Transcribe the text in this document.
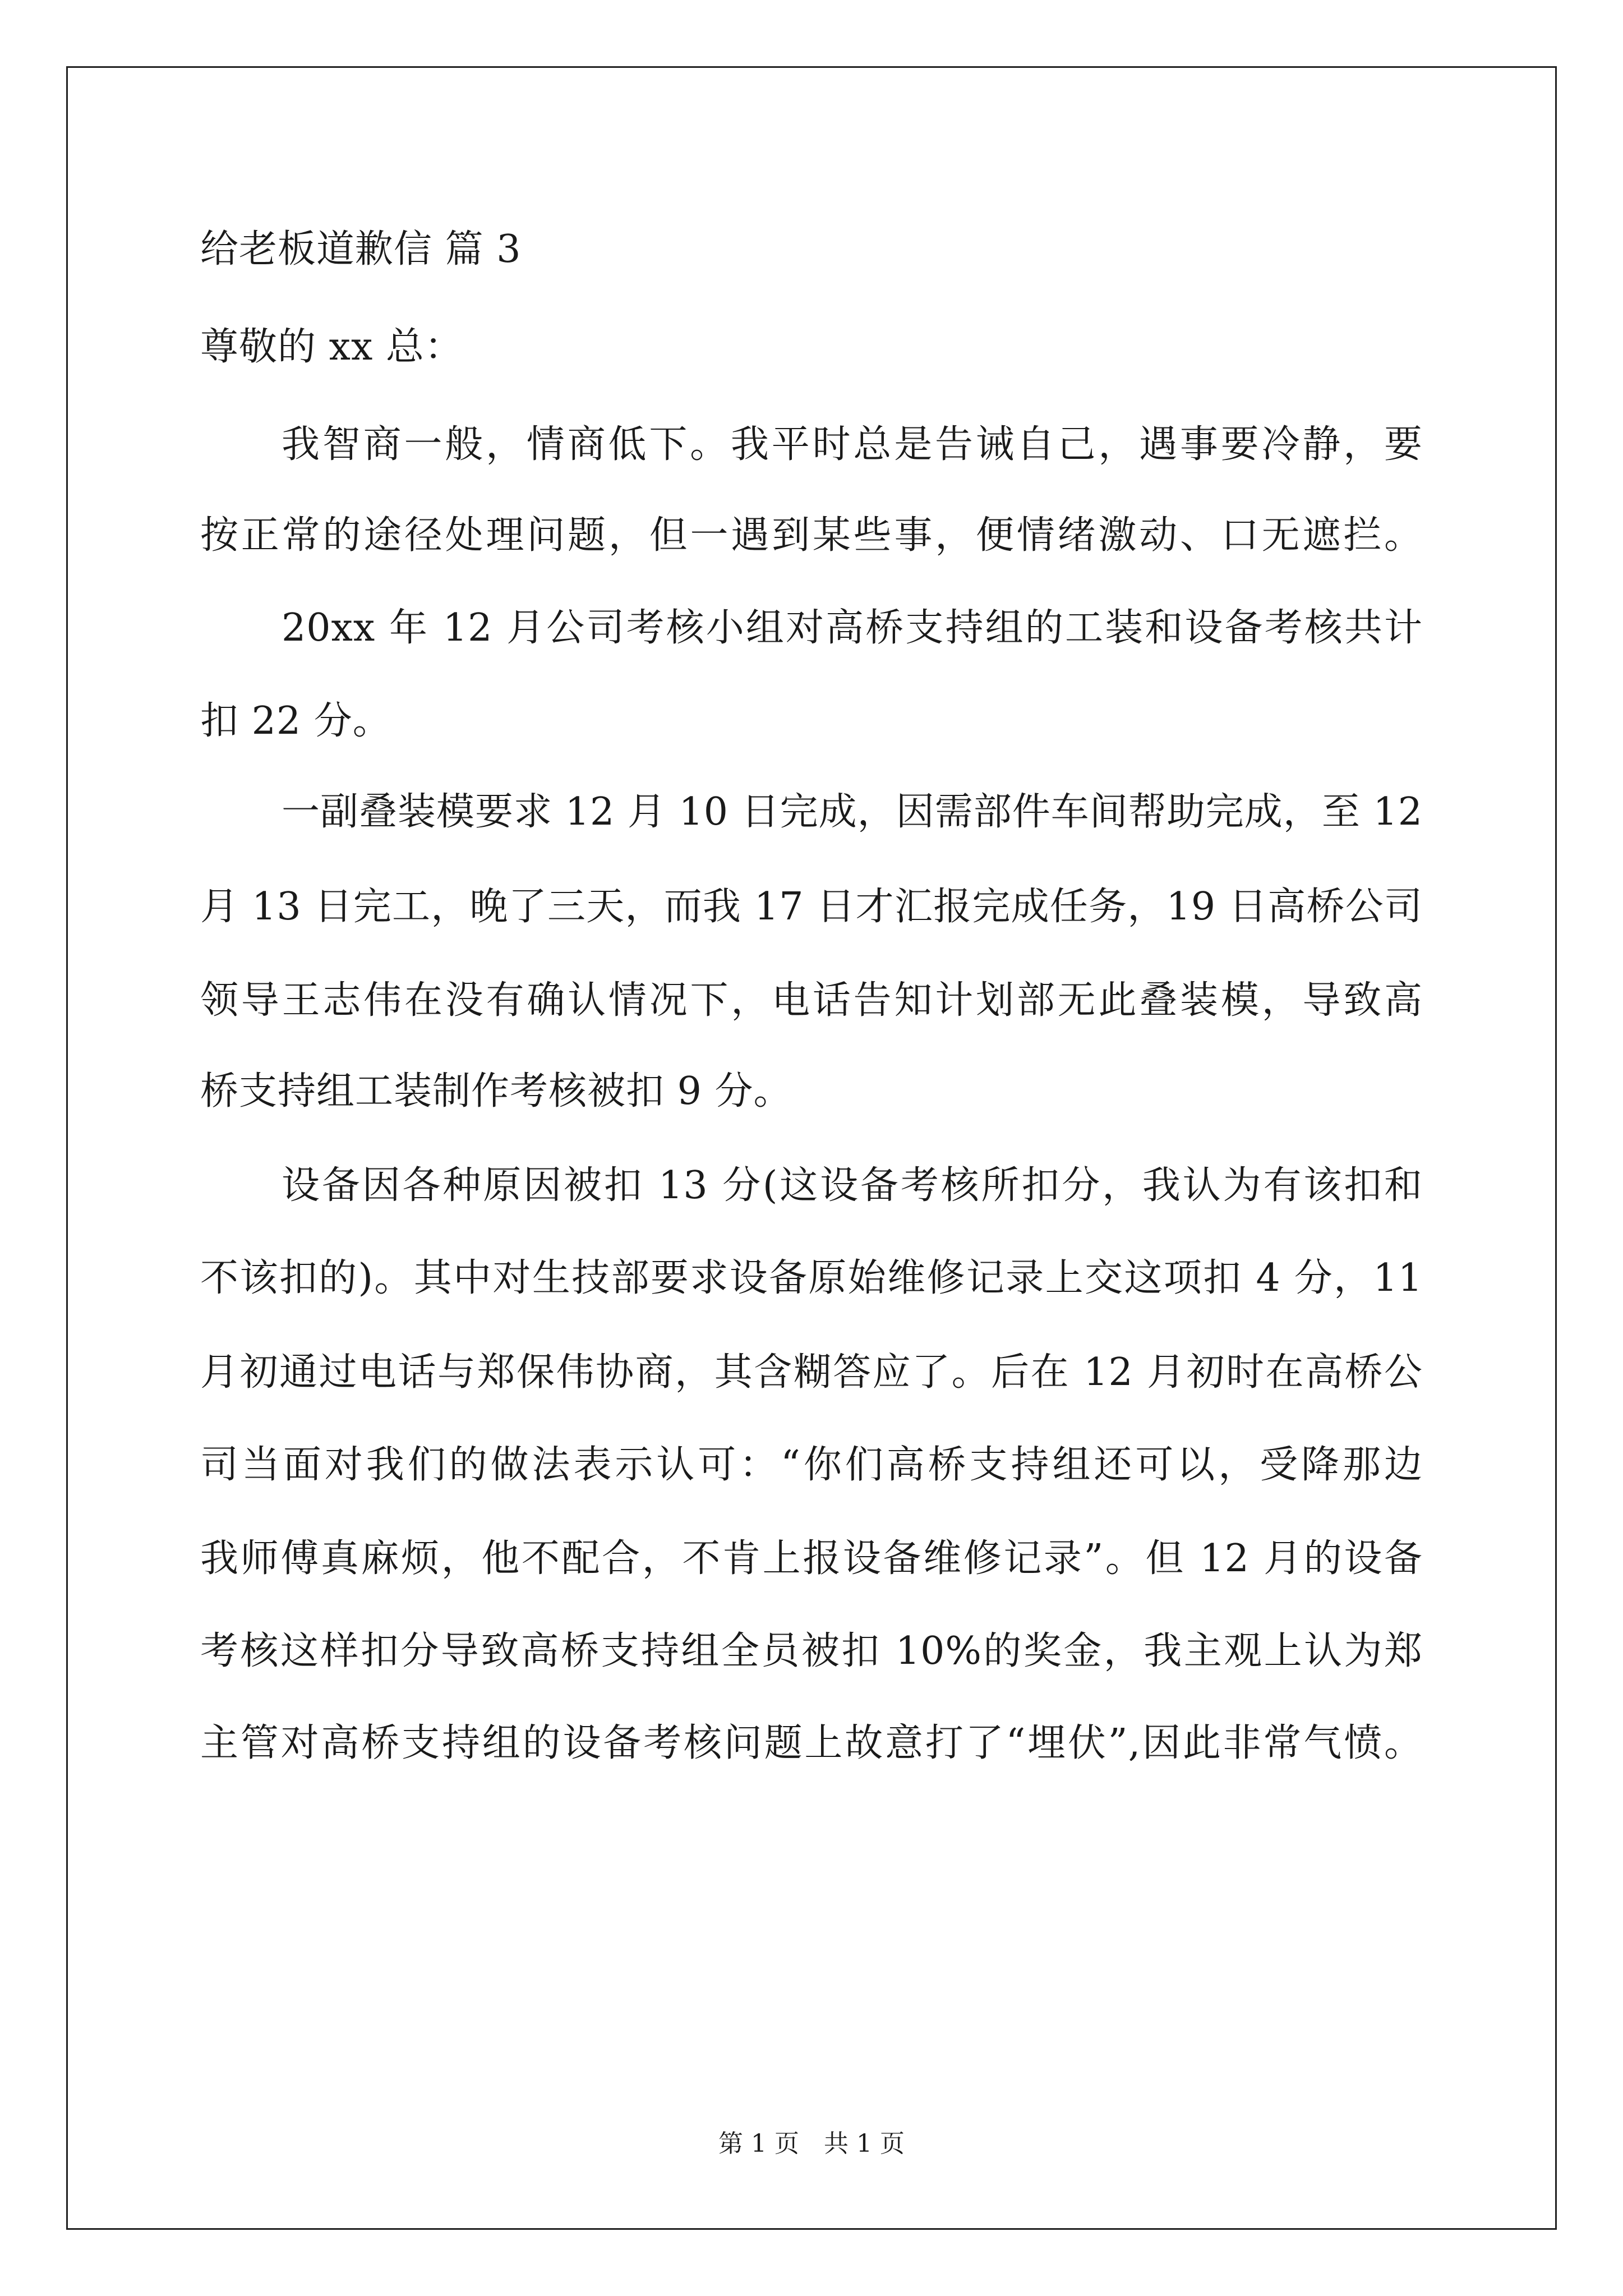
给老板道歉信 篇 3
尊敬的 xx 总：
我智商一般，情商低下。我平时总是告诫自己，遇事要冷静，要
按正常的途径处理问题，但一遇到某些事，便情绪激动、口无遮拦。
20xx 年 12 月公司考核小组对高桥支持组的工装和设备考核共计
扣 22 分。
一副叠装模要求 12 月 10 日完成，因需部件车间帮助完成，至 12
月 13 日完工，晚了三天，而我 17 日才汇报完成任务，19 日高桥公司
领导王志伟在没有确认情况下，电话告知计划部无此叠装模，导致高
桥支持组工装制作考核被扣 9 分。
设备因各种原因被扣 13 分(这设备考核所扣分，我认为有该扣和
不该扣的)。其中对生技部要求设备原始维修记录上交这项扣 4 分，11
月初通过电话与郑保伟协商，其含糊答应了。后在 12 月初时在高桥公
司当面对我们的做法表示认可：“你们高桥支持组还可以，受降那边
我师傅真麻烦，他不配合，不肯上报设备维修记录”。但 12 月的设备
考核这样扣分导致高桥支持组全员被扣 10%的奖金，我主观上认为郑
主管对高桥支持组的设备考核问题上故意打了“埋伏”,因此非常气愤。
第 1 页　共 1 页
